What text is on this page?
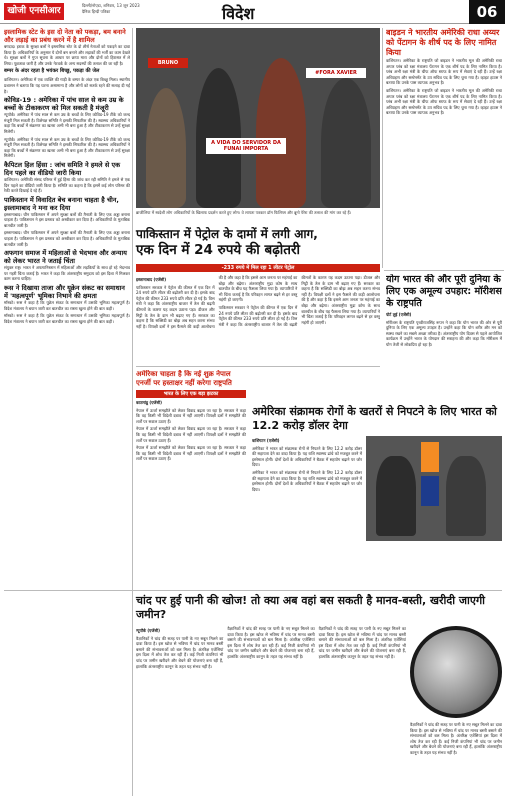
खोजी एनसीआर
दिल्ली/नोएडा, शनिवार, 13 जून 2023
दैनिक हिन्दी पत्रिका	विदेश	06
इस्लामिक स्टेट के इस दो नेता को पकड़ा, बम बनाने और लड़ाई का प्रबंध करने में है शामिल

बगदाद। इराक के सुरक्षा बलों ने इस्लामिक स्टेट के दो शीर्ष नेताओं को पकड़ने का दावा किया है। अधिकारियों के अनुसार ये दोनों बम बनाने और लड़ाकों की भर्ती का काम देखते थे। सुरक्षा बलों ने गुप्त सूचना के आधार पर छापा मारा और दोनों को हिरासत में ले लिया। पूछताछ जारी है और उनके नेटवर्क के अन्य सदस्यों की तलाश की जा रही है।

बम्पर के अंदर रहता है भयंकर बिच्छू, पकड़ा की जेल

वाशिंगटन। अमेरिका में एक व्यक्ति की गाड़ी के बम्पर के अंदर एक बिच्छू मिला। स्थानीय प्रशासन ने बताया कि यह घटना असामान्य है और लोगों को सतर्क रहने की सलाह दी गई है।

कोविड-19 : अमेरिका में पांच साल से कम उम्र के बच्चों के टीकाकरण को मिल सकती है मंजूरी

न्यूयॉर्क। अमेरिका में पांच साल से कम उम्र के बच्चों के लिए कोविड-19 टीके को जल्द मंजूरी मिल सकती है। विशेषज्ञ समिति ने इसकी सिफारिश की है। स्वास्थ्य अधिकारियों ने कहा कि बच्चों में संक्रमण का खतरा अभी भी बना हुआ है और टीकाकरण से उन्हें सुरक्षा मिलेगी।

न्यूयॉर्क। अमेरिका में पांच साल से कम उम्र के बच्चों के लिए कोविड-19 टीके को जल्द मंजूरी मिल सकती है। विशेषज्ञ समिति ने इसकी सिफारिश की है। स्वास्थ्य अधिकारियों ने कहा कि बच्चों में संक्रमण का खतरा अभी भी बना हुआ है और टीकाकरण से उन्हें सुरक्षा मिलेगी।

कैपिटल हिल हिंसा : जांच समिति ने हमले से एक दिन पहले का वीडियो जारी किया

वाशिंगटन। अमेरिकी संसद परिसर में हुई हिंसा की जांच कर रही समिति ने हमले से एक दिन पहले का वीडियो जारी किया है। समिति का कहना है कि इसमें कई लोग परिसर की रेकी करते दिखाई दे रहे हैं।

पाकिस्तान में विवादित बेच बनाना चाहता है चीन, इस्लामाबाद ने मना कर दिया

इस्लामाबाद। चीन पाकिस्तान में अपने सुरक्षा बलों की तैनाती के लिए एक अड्डा बनाना चाहता है। पाकिस्तान ने इस प्रस्ताव को अस्वीकार कर दिया है। अधिकारियों के मुताबिक बातचीत जारी है।

इस्लामाबाद। चीन पाकिस्तान में अपने सुरक्षा बलों की तैनाती के लिए एक अड्डा बनाना चाहता है। पाकिस्तान ने इस प्रस्ताव को अस्वीकार कर दिया है। अधिकारियों के मुताबिक बातचीत जारी है।

अफगान समाज में महिलाओं से भेदभाव और अन्याय को लेकर भारत ने जताई चिंता

संयुक्त राष्ट्र। भारत ने अफगानिस्तान में महिलाओं और लड़कियों के साथ हो रहे भेदभाव पर गहरी चिंता जताई है। भारत ने कहा कि अंतरराष्ट्रीय समुदाय को इस दिशा में मिलकर काम करना चाहिए।

रूस ने दिखाया ताजा और यूक्रेन संकट का समाधान में 'महत्वपूर्ण' भूमिका निभाने की क्षमता

मॉस्को। रूस ने कहा है कि यूक्रेन संकट के समाधान में उसकी भूमिका महत्वपूर्ण है। विदेश मंत्रालय ने बयान जारी कर बातचीत का रास्ता खुला होने की बात कही।

मॉस्को। रूस ने कहा है कि यूक्रेन संकट के समाधान में उसकी भूमिका महत्वपूर्ण है। विदेश मंत्रालय ने बयान जारी कर बातचीत का रास्ता खुला होने की बात कही।

A VIDA DO SERVIDOR DA FUNAI IMPORTA
#FORA XAVIER
BRUNO
ब्राजीलिया में स्वदेशी लोग अधिकारियों के खिलाफ प्रदर्शन करते हुए लोग। वे लापता पत्रकार डॉम फिलिप्स और ब्रूनो पेरेरा की तलाश की मांग कर रहे हैं।
बाइडन ने भारतीय अमेरिकी राधा अय्यर को पेंटागन के शीर्ष पद के लिए नामित किया

वाशिंगटन। अमेरिका के राष्ट्रपति जो बाइडन ने भारतीय मूल की अमेरिकी राधा अय्यर प्लंब को रक्षा मंत्रालय पेंटागन के एक शीर्ष पद के लिए नामित किया है। प्लंब अभी रक्षा मंत्री के चीफ ऑफ स्टाफ के रूप में सेवाएं दे रही हैं। उन्हें रक्षा अधिग्रहण और सस्टेनमेंट के उप सचिव पद के लिए चुना गया है। व्हाइट हाउस ने बताया कि उनके पास व्यापक अनुभव है।

वाशिंगटन। अमेरिका के राष्ट्रपति जो बाइडन ने भारतीय मूल की अमेरिकी राधा अय्यर प्लंब को रक्षा मंत्रालय पेंटागन के एक शीर्ष पद के लिए नामित किया है। प्लंब अभी रक्षा मंत्री के चीफ ऑफ स्टाफ के रूप में सेवाएं दे रही हैं। उन्हें रक्षा अधिग्रहण और सस्टेनमेंट के उप सचिव पद के लिए चुना गया है। व्हाइट हाउस ने बताया कि उनके पास व्यापक अनुभव है।

पाकिस्तान में पेट्रोल के दामों में लगी आग,
एक दिन में 24 रुपये की बढ़ोतरी
-233 रुपये में मिल रहा 1 लीटर पेट्रोल
इस्लामाबाद (एजेंसी)

पाकिस्तान सरकार ने पेट्रोल की कीमत में एक दिन में 24 रुपये प्रति लीटर की बढ़ोतरी कर दी है। इसके बाद पेट्रोल की कीमत 233 रुपये प्रति लीटर हो गई है। वित्त मंत्री ने कहा कि अंतरराष्ट्रीय बाजार में तेल की बढ़ती कीमतों के कारण यह कदम उठाना पड़ा। डीजल और मिट्टी के तेल के दाम भी बढ़ाए गए हैं। सरकार का कहना है कि सब्सिडी का बोझ अब सहन करना संभव नहीं है। विपक्षी दलों ने इस फैसले की कड़ी आलोचना की है और कहा है कि इससे आम जनता पर महंगाई का बोझ और बढ़ेगा। अंतरराष्ट्रीय मुद्रा कोष के साथ बातचीत के बीच यह फैसला लिया गया है। व्यापारियों ने भी चिंता जताई है कि परिवहन लागत बढ़ने से हर वस्तु महंगी हो जाएगी।

पाकिस्तान सरकार ने पेट्रोल की कीमत में एक दिन में 24 रुपये प्रति लीटर की बढ़ोतरी कर दी है। इसके बाद पेट्रोल की कीमत 233 रुपये प्रति लीटर हो गई है। वित्त मंत्री ने कहा कि अंतरराष्ट्रीय बाजार में तेल की बढ़ती कीमतों के कारण यह कदम उठाना पड़ा। डीजल और मिट्टी के तेल के दाम भी बढ़ाए गए हैं। सरकार का कहना है कि सब्सिडी का बोझ अब सहन करना संभव नहीं है। विपक्षी दलों ने इस फैसले की कड़ी आलोचना की है और कहा है कि इससे आम जनता पर महंगाई का बोझ और बढ़ेगा। अंतरराष्ट्रीय मुद्रा कोष के साथ बातचीत के बीच यह फैसला लिया गया है। व्यापारियों ने भी चिंता जताई है कि परिवहन लागत बढ़ने से हर वस्तु महंगी हो जाएगी।

योग भारत की और पूरी दुनिया के लिए एक अमूल्य उपहार: मॉरीशस के राष्ट्रपति
पोर्ट लुई (एजेंसी)

मॉरीशस के राष्ट्रपति पृथ्वीराजसिंह रूपन ने कहा कि योग भारत की ओर से पूरी दुनिया के लिए एक अमूल्य उपहार है। उन्होंने कहा कि योग शरीर और मन को स्वस्थ रखने का सबसे अच्छा तरीका है। अंतरराष्ट्रीय योग दिवस से पहले आयोजित कार्यक्रम में उन्होंने भारत के योगदान की सराहना की और कहा कि मॉरीशस में योग तेजी से लोकप्रिय हो रहा है।

अमेरिका चाहता है कि नई शुक्र नेपाल एनर्जी पर हस्ताक्षर नहीं करेगा राष्ट्रपति
भारत के लिए एक बड़ा झटका
काठमांडू (एजेंसी)

नेपाल में ऊर्जा समझौते को लेकर विवाद बढ़ता जा रहा है। सरकार ने कहा कि वह किसी भी विदेशी दबाव में नहीं आएगी। विपक्षी दलों ने समझौते की शर्तों पर सवाल उठाए हैं।

नेपाल में ऊर्जा समझौते को लेकर विवाद बढ़ता जा रहा है। सरकार ने कहा कि वह किसी भी विदेशी दबाव में नहीं आएगी। विपक्षी दलों ने समझौते की शर्तों पर सवाल उठाए हैं।

नेपाल में ऊर्जा समझौते को लेकर विवाद बढ़ता जा रहा है। सरकार ने कहा कि वह किसी भी विदेशी दबाव में नहीं आएगी। विपक्षी दलों ने समझौते की शर्तों पर सवाल उठाए हैं।

अमेरिका संक्रामक रोगों के खतरों से निपटने के लिए भारत को 12.2 करोड़ डॉलर देगा
वाशिंगटन (एजेंसी)

अमेरिका ने भारत को संक्रामक रोगों से निपटने के लिए 12.2 करोड़ डॉलर की सहायता देने का वादा किया है। यह राशि स्वास्थ्य ढांचे को मजबूत करने में इस्तेमाल होगी। दोनों देशों के अधिकारियों ने बैठक में सहयोग बढ़ाने पर जोर दिया।

अमेरिका ने भारत को संक्रामक रोगों से निपटने के लिए 12.2 करोड़ डॉलर की सहायता देने का वादा किया है। यह राशि स्वास्थ्य ढांचे को मजबूत करने में इस्तेमाल होगी। दोनों देशों के अधिकारियों ने बैठक में सहयोग बढ़ाने पर जोर दिया।

चांद पर हुई पानी की खोज! तो क्या अब वहां बस सकती है मानव-बस्ती, खरीदी जाएगी जमीन?
न्यूयॉर्क (एजेंसी)

वैज्ञानिकों ने चांद की सतह पर पानी के नए सबूत मिलने का दावा किया है। इस खोज से भविष्य में चांद पर मानव बस्ती बसाने की संभावनाओं को बल मिला है। अंतरिक्ष एजेंसियां इस दिशा में शोध तेज कर रही हैं। कई निजी कंपनियां भी चांद पर जमीन खरीदने और बेचने की योजनाएं बना रही हैं, हालांकि अंतरराष्ट्रीय कानून के तहत यह संभव नहीं है।

वैज्ञानिकों ने चांद की सतह पर पानी के नए सबूत मिलने का दावा किया है। इस खोज से भविष्य में चांद पर मानव बस्ती बसाने की संभावनाओं को बल मिला है। अंतरिक्ष एजेंसियां इस दिशा में शोध तेज कर रही हैं। कई निजी कंपनियां भी चांद पर जमीन खरीदने और बेचने की योजनाएं बना रही हैं, हालांकि अंतरराष्ट्रीय कानून के तहत यह संभव नहीं है।

वैज्ञानिकों ने चांद की सतह पर पानी के नए सबूत मिलने का दावा किया है। इस खोज से भविष्य में चांद पर मानव बस्ती बसाने की संभावनाओं को बल मिला है। अंतरिक्ष एजेंसियां इस दिशा में शोध तेज कर रही हैं। कई निजी कंपनियां भी चांद पर जमीन खरीदने और बेचने की योजनाएं बना रही हैं, हालांकि अंतरराष्ट्रीय कानून के तहत यह संभव नहीं है।

वैज्ञानिकों ने चांद की सतह पर पानी के नए सबूत मिलने का दावा किया है। इस खोज से भविष्य में चांद पर मानव बस्ती बसाने की संभावनाओं को बल मिला है। अंतरिक्ष एजेंसियां इस दिशा में शोध तेज कर रही हैं। कई निजी कंपनियां भी चांद पर जमीन खरीदने और बेचने की योजनाएं बना रही हैं, हालांकि अंतरराष्ट्रीय कानून के तहत यह संभव नहीं है।
